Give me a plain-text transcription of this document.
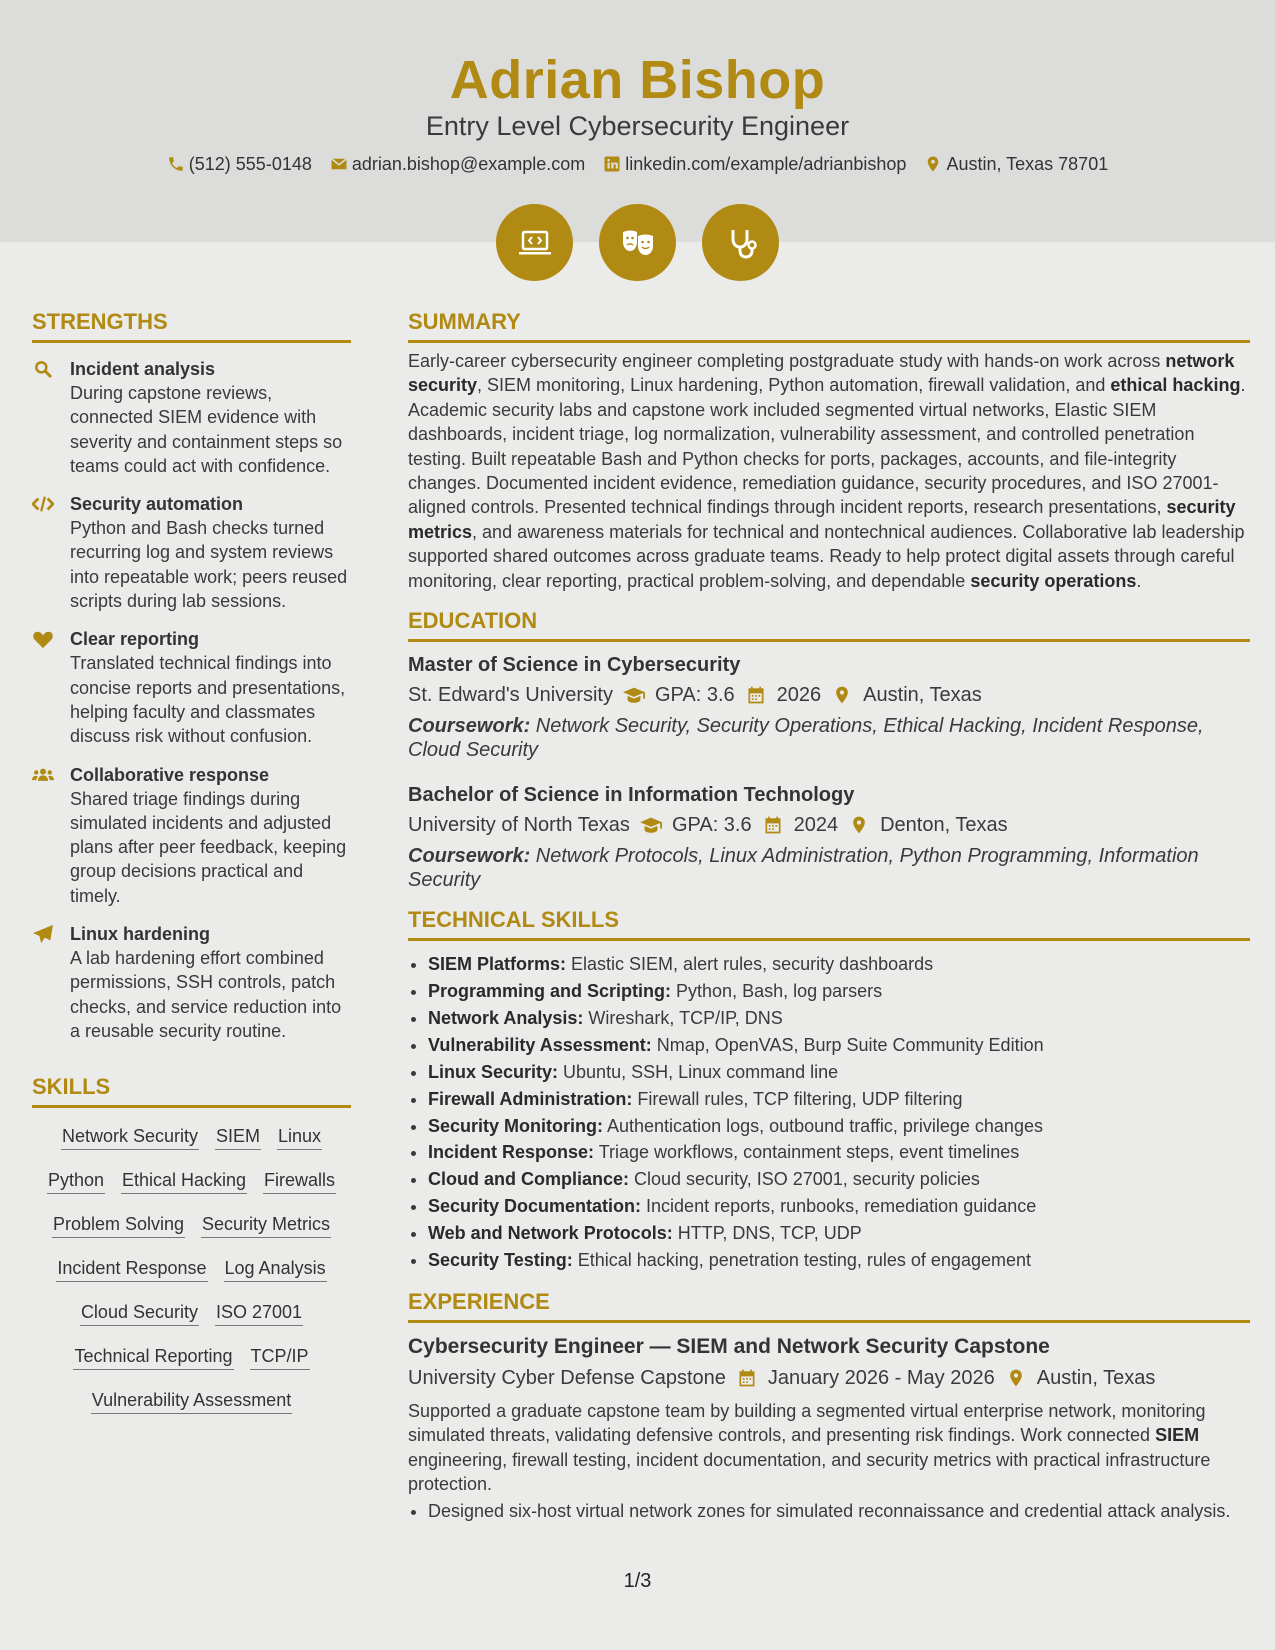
Adrian Bishop
Entry Level Cybersecurity Engineer
(512) 555-0148 adrian.bishop@example.com linkedin.com/example/adrianbishop Austin, Texas 78701
STRENGTHS
Incident analysis
During capstone reviews, connected SIEM evidence with severity and containment steps so teams could act with confidence.
Security automation
Python and Bash checks turned recurring log and system reviews into repeatable work; peers reused scripts during lab sessions.
Clear reporting
Translated technical findings into concise reports and presentations, helping faculty and classmates discuss risk without confusion.
Collaborative response
Shared triage findings during simulated incidents and adjusted plans after peer feedback, keeping group decisions practical and timely.
Linux hardening
A lab hardening effort combined permissions, SSH controls, patch checks, and service reduction into a reusable security routine.
SKILLS
Network Security SIEM Linux
Python Ethical Hacking Firewalls
Problem Solving Security Metrics
Incident Response Log Analysis
Cloud Security ISO 27001
Technical Reporting TCP/IP
Vulnerability Assessment
SUMMARY

Early-career cybersecurity engineer completing postgraduate study with hands-on work across network security, SIEM monitoring, Linux hardening, Python automation, firewall validation, and ethical hacking. Academic security labs and capstone work included segmented virtual networks, Elastic SIEM dashboards, incident triage, log normalization, vulnerability assessment, and controlled penetration testing. Built repeatable Bash and Python checks for ports, packages, accounts, and file-integrity changes. Documented incident evidence, remediation guidance, security procedures, and ISO 27001-aligned controls. Presented technical findings through incident reports, research presentations, security metrics, and awareness materials for technical and nontechnical audiences. Collaborative lab leadership supported shared outcomes across graduate teams. Ready to help protect digital assets through careful monitoring, clear reporting, practical problem-solving, and dependable security operations.

EDUCATION
Master of Science in Cybersecurity
St. Edward's University GPA: 3.6 2026 Austin, Texas
Coursework: Network Security, Security Operations, Ethical Hacking, Incident Response, Cloud Security
Bachelor of Science in Information Technology
University of North Texas GPA: 3.6 2024 Denton, Texas
Coursework: Network Protocols, Linux Administration, Python Programming, Information Security
TECHNICAL SKILLS
• SIEM Platforms: Elastic SIEM, alert rules, security dashboards
• Programming and Scripting: Python, Bash, log parsers
• Network Analysis: Wireshark, TCP/IP, DNS
• Vulnerability Assessment: Nmap, OpenVAS, Burp Suite Community Edition
• Linux Security: Ubuntu, SSH, Linux command line
• Firewall Administration: Firewall rules, TCP filtering, UDP filtering
• Security Monitoring: Authentication logs, outbound traffic, privilege changes
• Incident Response: Triage workflows, containment steps, event timelines
• Cloud and Compliance: Cloud security, ISO 27001, security policies
• Security Documentation: Incident reports, runbooks, remediation guidance
• Web and Network Protocols: HTTP, DNS, TCP, UDP
• Security Testing: Ethical hacking, penetration testing, rules of engagement
EXPERIENCE
Cybersecurity Engineer — SIEM and Network Security Capstone
University Cyber Defense Capstone January 2026 - May 2026 Austin, Texas

Supported a graduate capstone team by building a segmented virtual enterprise network, monitoring simulated threats, validating defensive controls, and presenting risk findings. Work connected SIEM engineering, firewall testing, incident documentation, and security metrics with practical infrastructure protection.

• Designed six-host virtual network zones for simulated reconnaissance and credential attack analysis.
1/3
